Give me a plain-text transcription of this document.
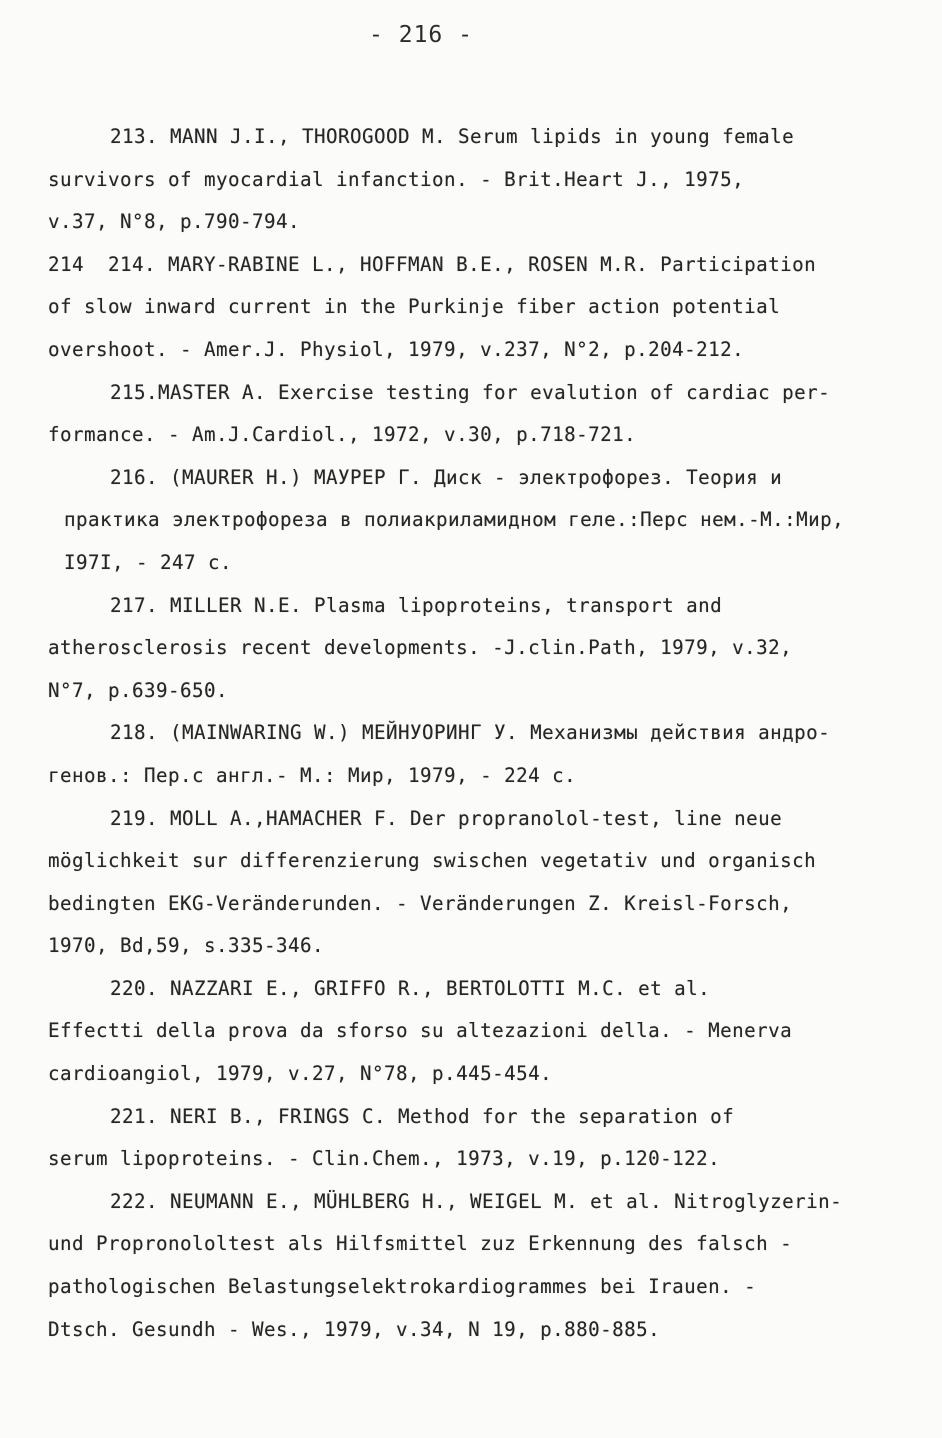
- 216 -
213. MANN J.I., THOROGOOD M. Serum lipids in young female
survivors of myocardial infanction. - Brit.Heart J., 1975,
v.37, N°8, p.790-794.
214  214. MARY-RABINE L., HOFFMAN B.E., ROSEN M.R. Participation
of slow inward current in the Purkinje fiber action potential
overshoot. - Amer.J. Physiol, 1979, v.237, N°2, p.204-212.
215.MASTER A. Exercise testing for evalution of cardiac per-
formance. - Am.J.Cardiol., 1972, v.30, p.718-721.
216. (MAURER H.) МАУРЕР Г. Диск - электрофорез. Теория и
практика электрофореза в полиакриламидном геле.:Перс нем.-М.:Мир,
I97I, - 247 с.
217. MILLER N.E. Plasma lipoproteins, transport and
atherosclerosis recent developments. -J.clin.Path, 1979, v.32,
N°7, p.639-650.
218. (MAINWARING W.) МЕЙНУОРИНГ У. Механизмы действия андро-
генов.: Пер.с англ.- М.: Мир, 1979, - 224 с.
219. MOLL A.,HAMACHER F. Der propranolol-test, line neue
möglichkeit sur differenzierung swischen vegetativ und organisch
bedingten EKG-Veränderunden. - Veränderungen Z. Kreisl-Forsch,
1970, Bd,59, s.335-346.
220. NAZZARI E., GRIFFO R., BERTOLOTTI M.C. et al.
Effectti della prova da sforso su altezazioni della. - Menerva
cardioangiol, 1979, v.27, N°78, p.445-454.
221. NERI B., FRINGS C. Method for the separation of
serum lipoproteins. - Clin.Chem., 1973, v.19, p.120-122.
222. NEUMANN E., MÜHLBERG H., WEIGEL M. et al. Nitroglyzerin-
und Propronololtest als Hilfsmittel zuz Erkennung des falsch -
pathologischen Belastungselektrokardiogrammes bei Irauen. -
Dtsch. Gesundh - Wes., 1979, v.34, N 19, p.880-885.
